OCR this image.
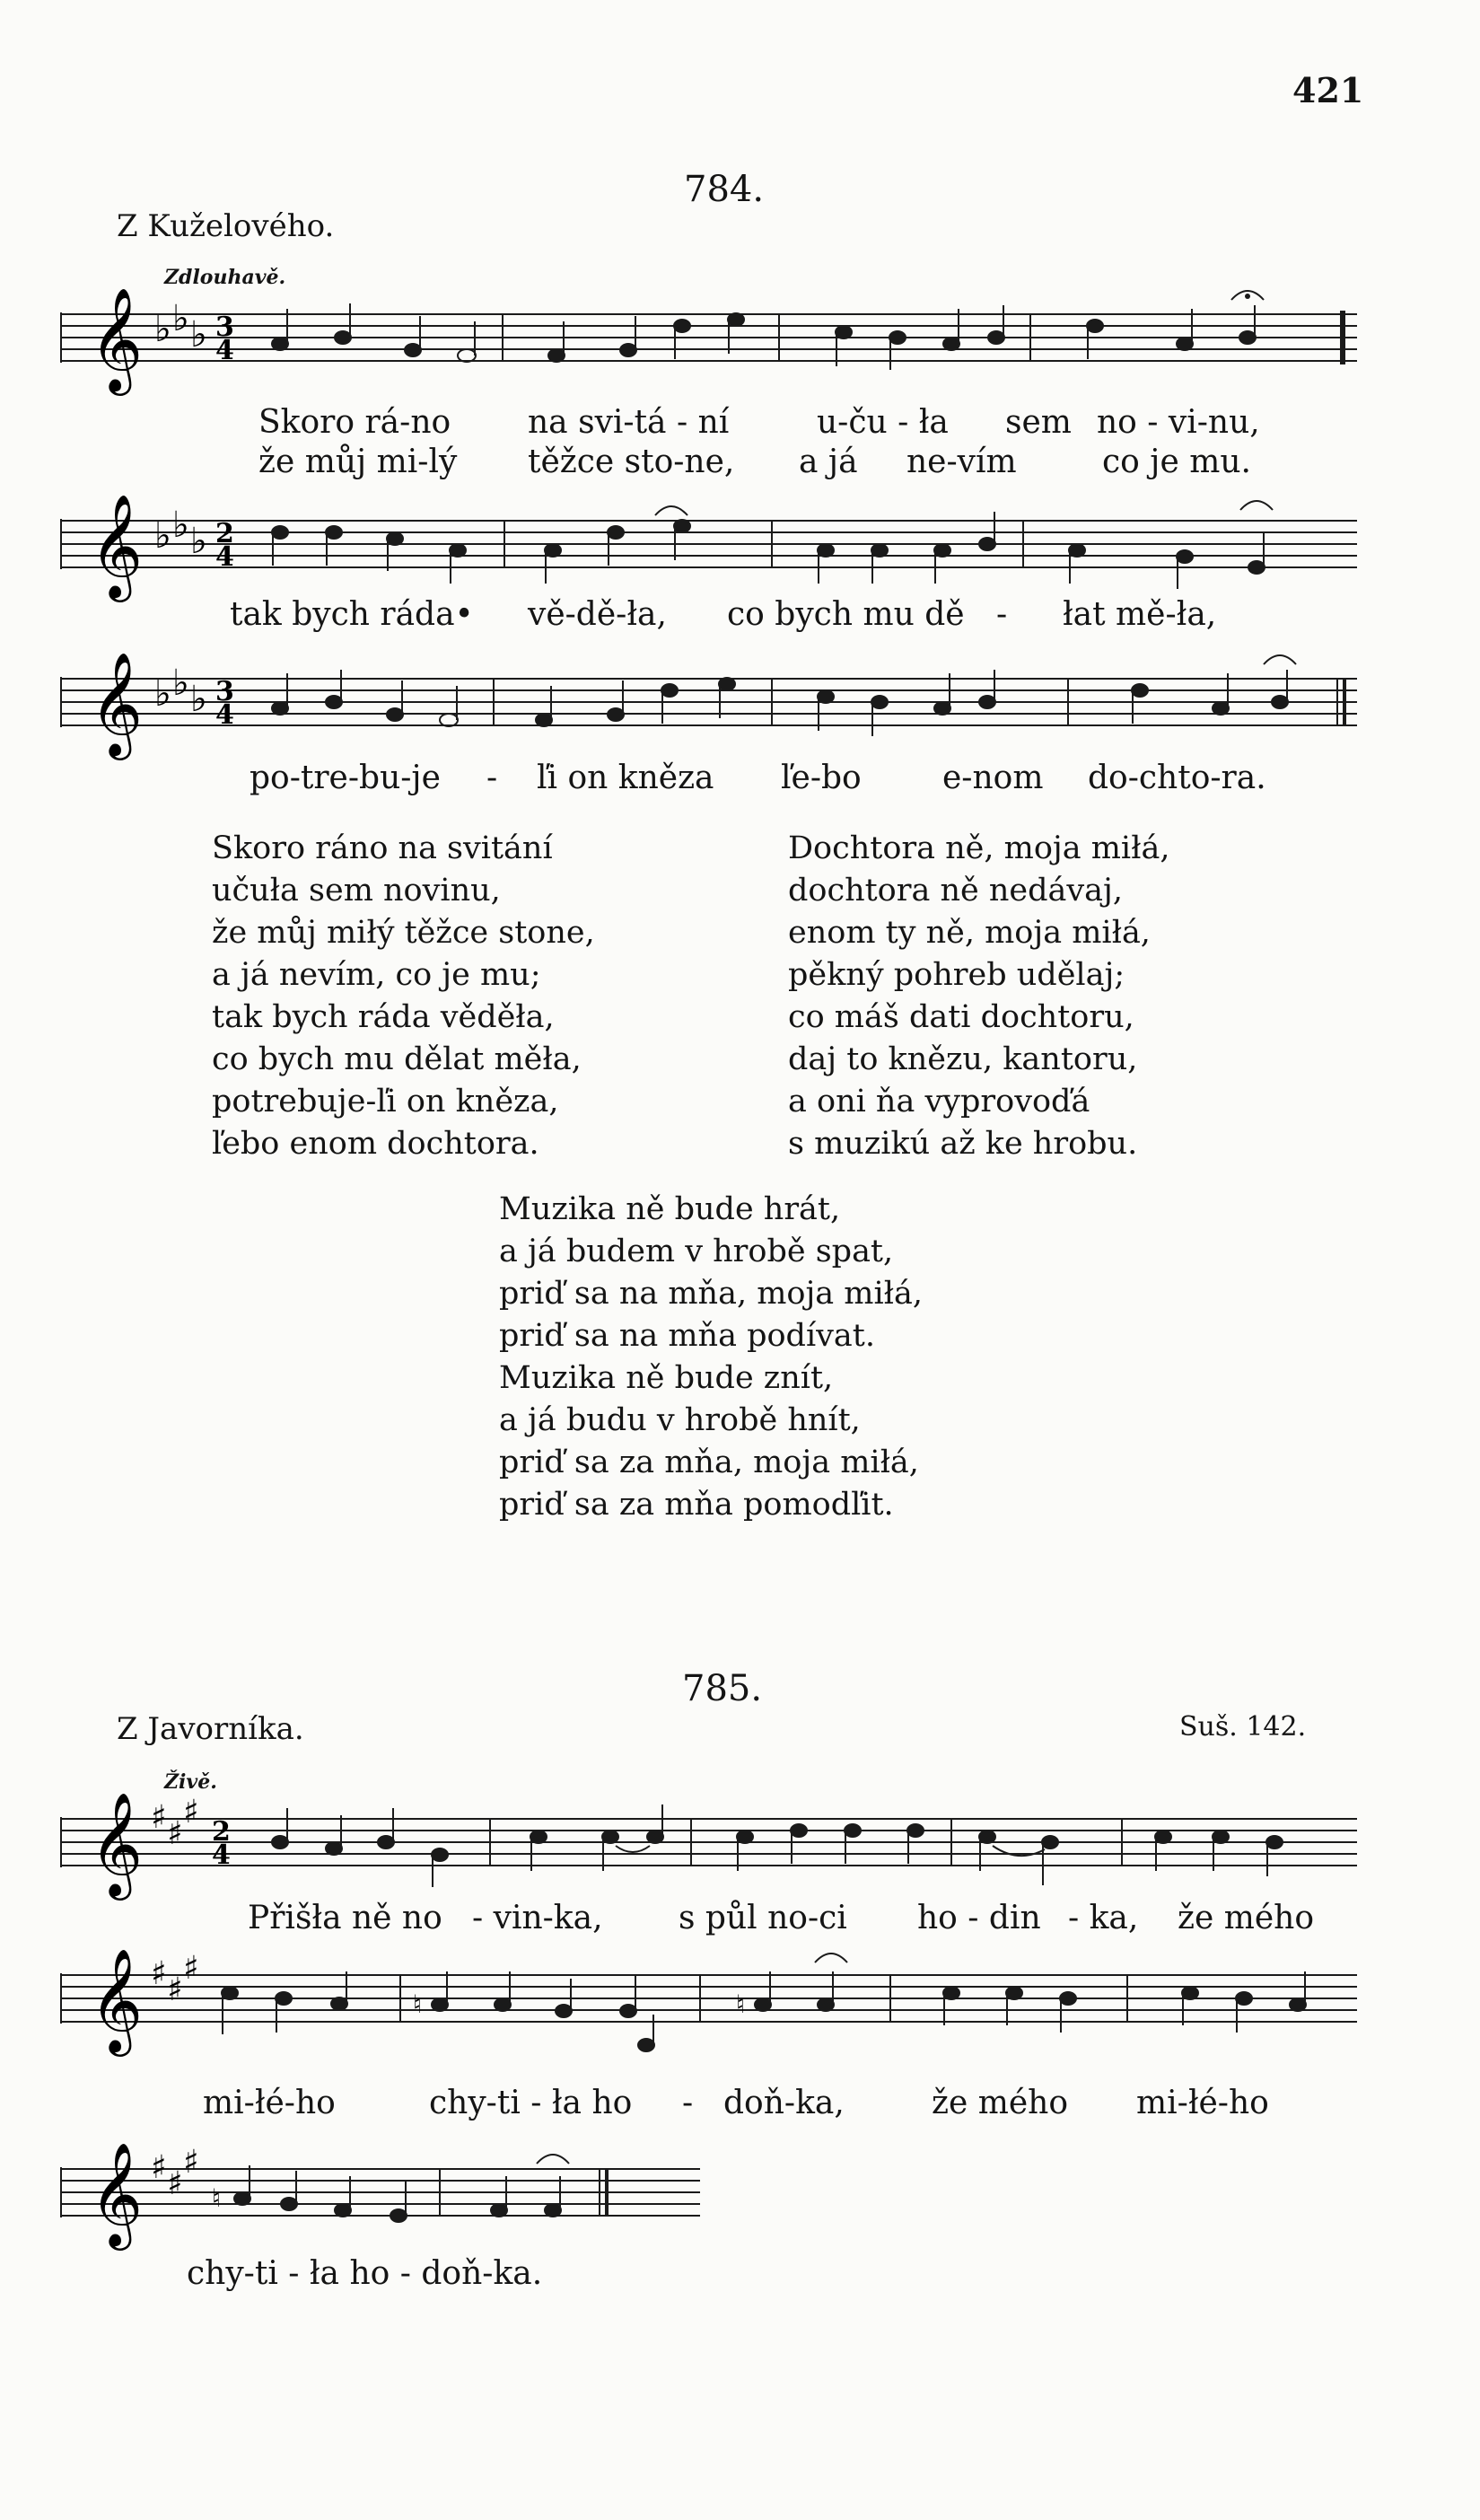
421
784.
Z Kuželového.
Zdlouhavě.
𝄞 ♭ ♭ ♭ 3
4
Skoro rá-no na svi-tá - ní	u-ču - ła sem no - vi-nu,
že můj mi-lý těžce sto-ne, a já ne-vím	co je mu.
𝄞 ♭ ♭ ♭ 2
4
tak bych ráda• vě-dě-ła, co bych mu dě - łat mě-ła,
𝄞 ♭ ♭ ♭ 3
4
po-tre-bu-je - ľi on kněza ľe-bo	e-nom do-chto-ra.
Skoro ráno na svitání
učuła sem novinu,
že můj miłý těžce stone,
a já nevím, co je mu;
tak bych ráda věděła,
co bych mu dělat měła,
potrebuje-ľi on kněza,
ľebo enom dochtora.
Dochtora ně, moja miłá,
dochtora ně nedávaj,
enom ty ně, moja miłá,
pěkný pohreb udělaj;
co máš dati dochtoru,
daj to knězu, kantoru,
a oni ňa vyprovoďá
s muzikú až ke hrobu.
Muzika ně bude hrát,
a já budem v hrobě spat,
priď sa na mňa, moja miłá,
priď sa na mňa podívat.
Muzika ně bude znít,
a já budu v hrobě hnít,
priď sa za mňa, moja miłá,
priď sa za mňa pomodľit.
785.
Z Javorníka.	Suš. 142.
Živě.
𝄞 ♯ ♯
♯
2
4
Přišła ně no - vin-ka, s půl no-ci ho - din - ka, že mého
𝄞 ♯ ♯
♯
♮	♮
mi-łé-ho	chy-ti - ła ho - doň-ka,	že mého mi-łé-ho
𝄞 ♯ ♯
♯
♮
chy-ti - ła ho - doň-ka.
